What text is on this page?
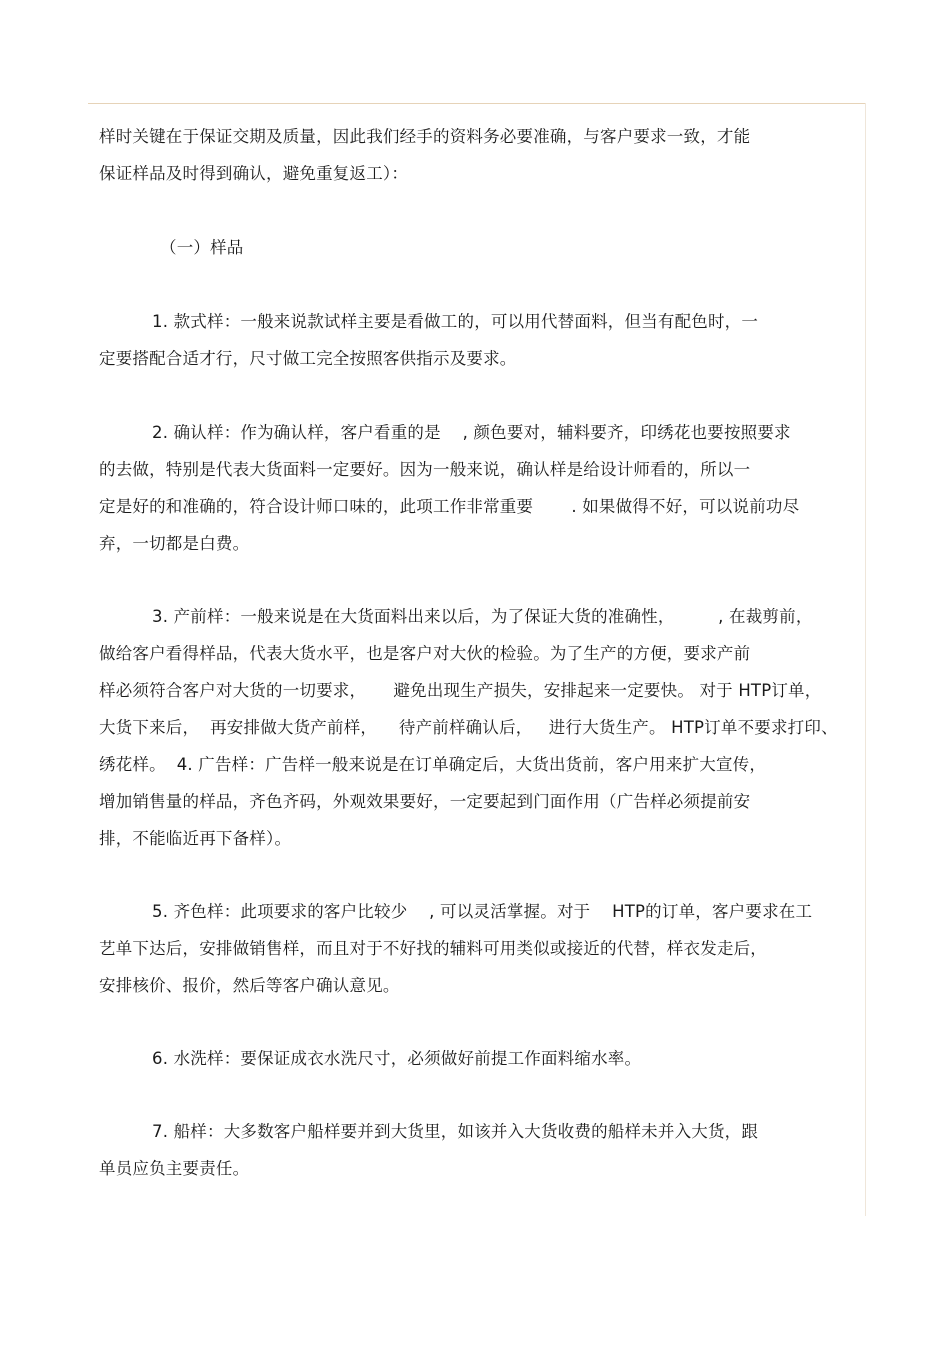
样时关键在于保证交期及质量，因此我们经手的资料务必要准确，与客户要求一致，才能
保证样品及时得到确认，避免重复返工）：
（一）样品
1. 款式样：一般来说款试样主要是看做工的，可以用代替面料，但当有配色时，一
定要搭配合适才行，尺寸做工完全按照客供指示及要求。
2. 确认样：作为确认样，客户看重的是    , 颜色要对，辅料要齐，印绣花也要按照要求
的去做，特别是代表大货面料一定要好。因为一般来说，确认样是给设计师看的，所以一
定是好的和准确的，符合设计师口味的，此项工作非常重要       . 如果做得不好，可以说前功尽
弃，一切都是白费。
3. 产前样：一般来说是在大货面料出来以后，为了保证大货的准确性，        , 在裁剪前，
做给客户看得样品，代表大货水平，也是客户对大伙的检验。为了生产的方便，要求产前
样必须符合客户对大货的一切要求，     避免出现生产损失，安排起来一定要快。 对于 HTP订单，
大货下来后，  再安排做大货产前样，    待产前样确认后，   进行大货生产。 HTP订单不要求打印、
绣花样。  4. 广告样：广告样一般来说是在订单确定后，大货出货前，客户用来扩大宣传，
增加销售量的样品，齐色齐码，外观效果要好，一定要起到门面作用（广告样必须提前安
排，不能临近再下备样）。
5. 齐色样：此项要求的客户比较少    , 可以灵活掌握。对于    HTP的订单，客户要求在工
艺单下达后，安排做销售样，而且对于不好找的辅料可用类似或接近的代替，样衣发走后，
安排核价、报价，然后等客户确认意见。
6. 水洗样：要保证成衣水洗尺寸，必须做好前提工作面料缩水率。
7. 船样：大多数客户船样要并到大货里，如该并入大货收费的船样未并入大货，跟
单员应负主要责任。
